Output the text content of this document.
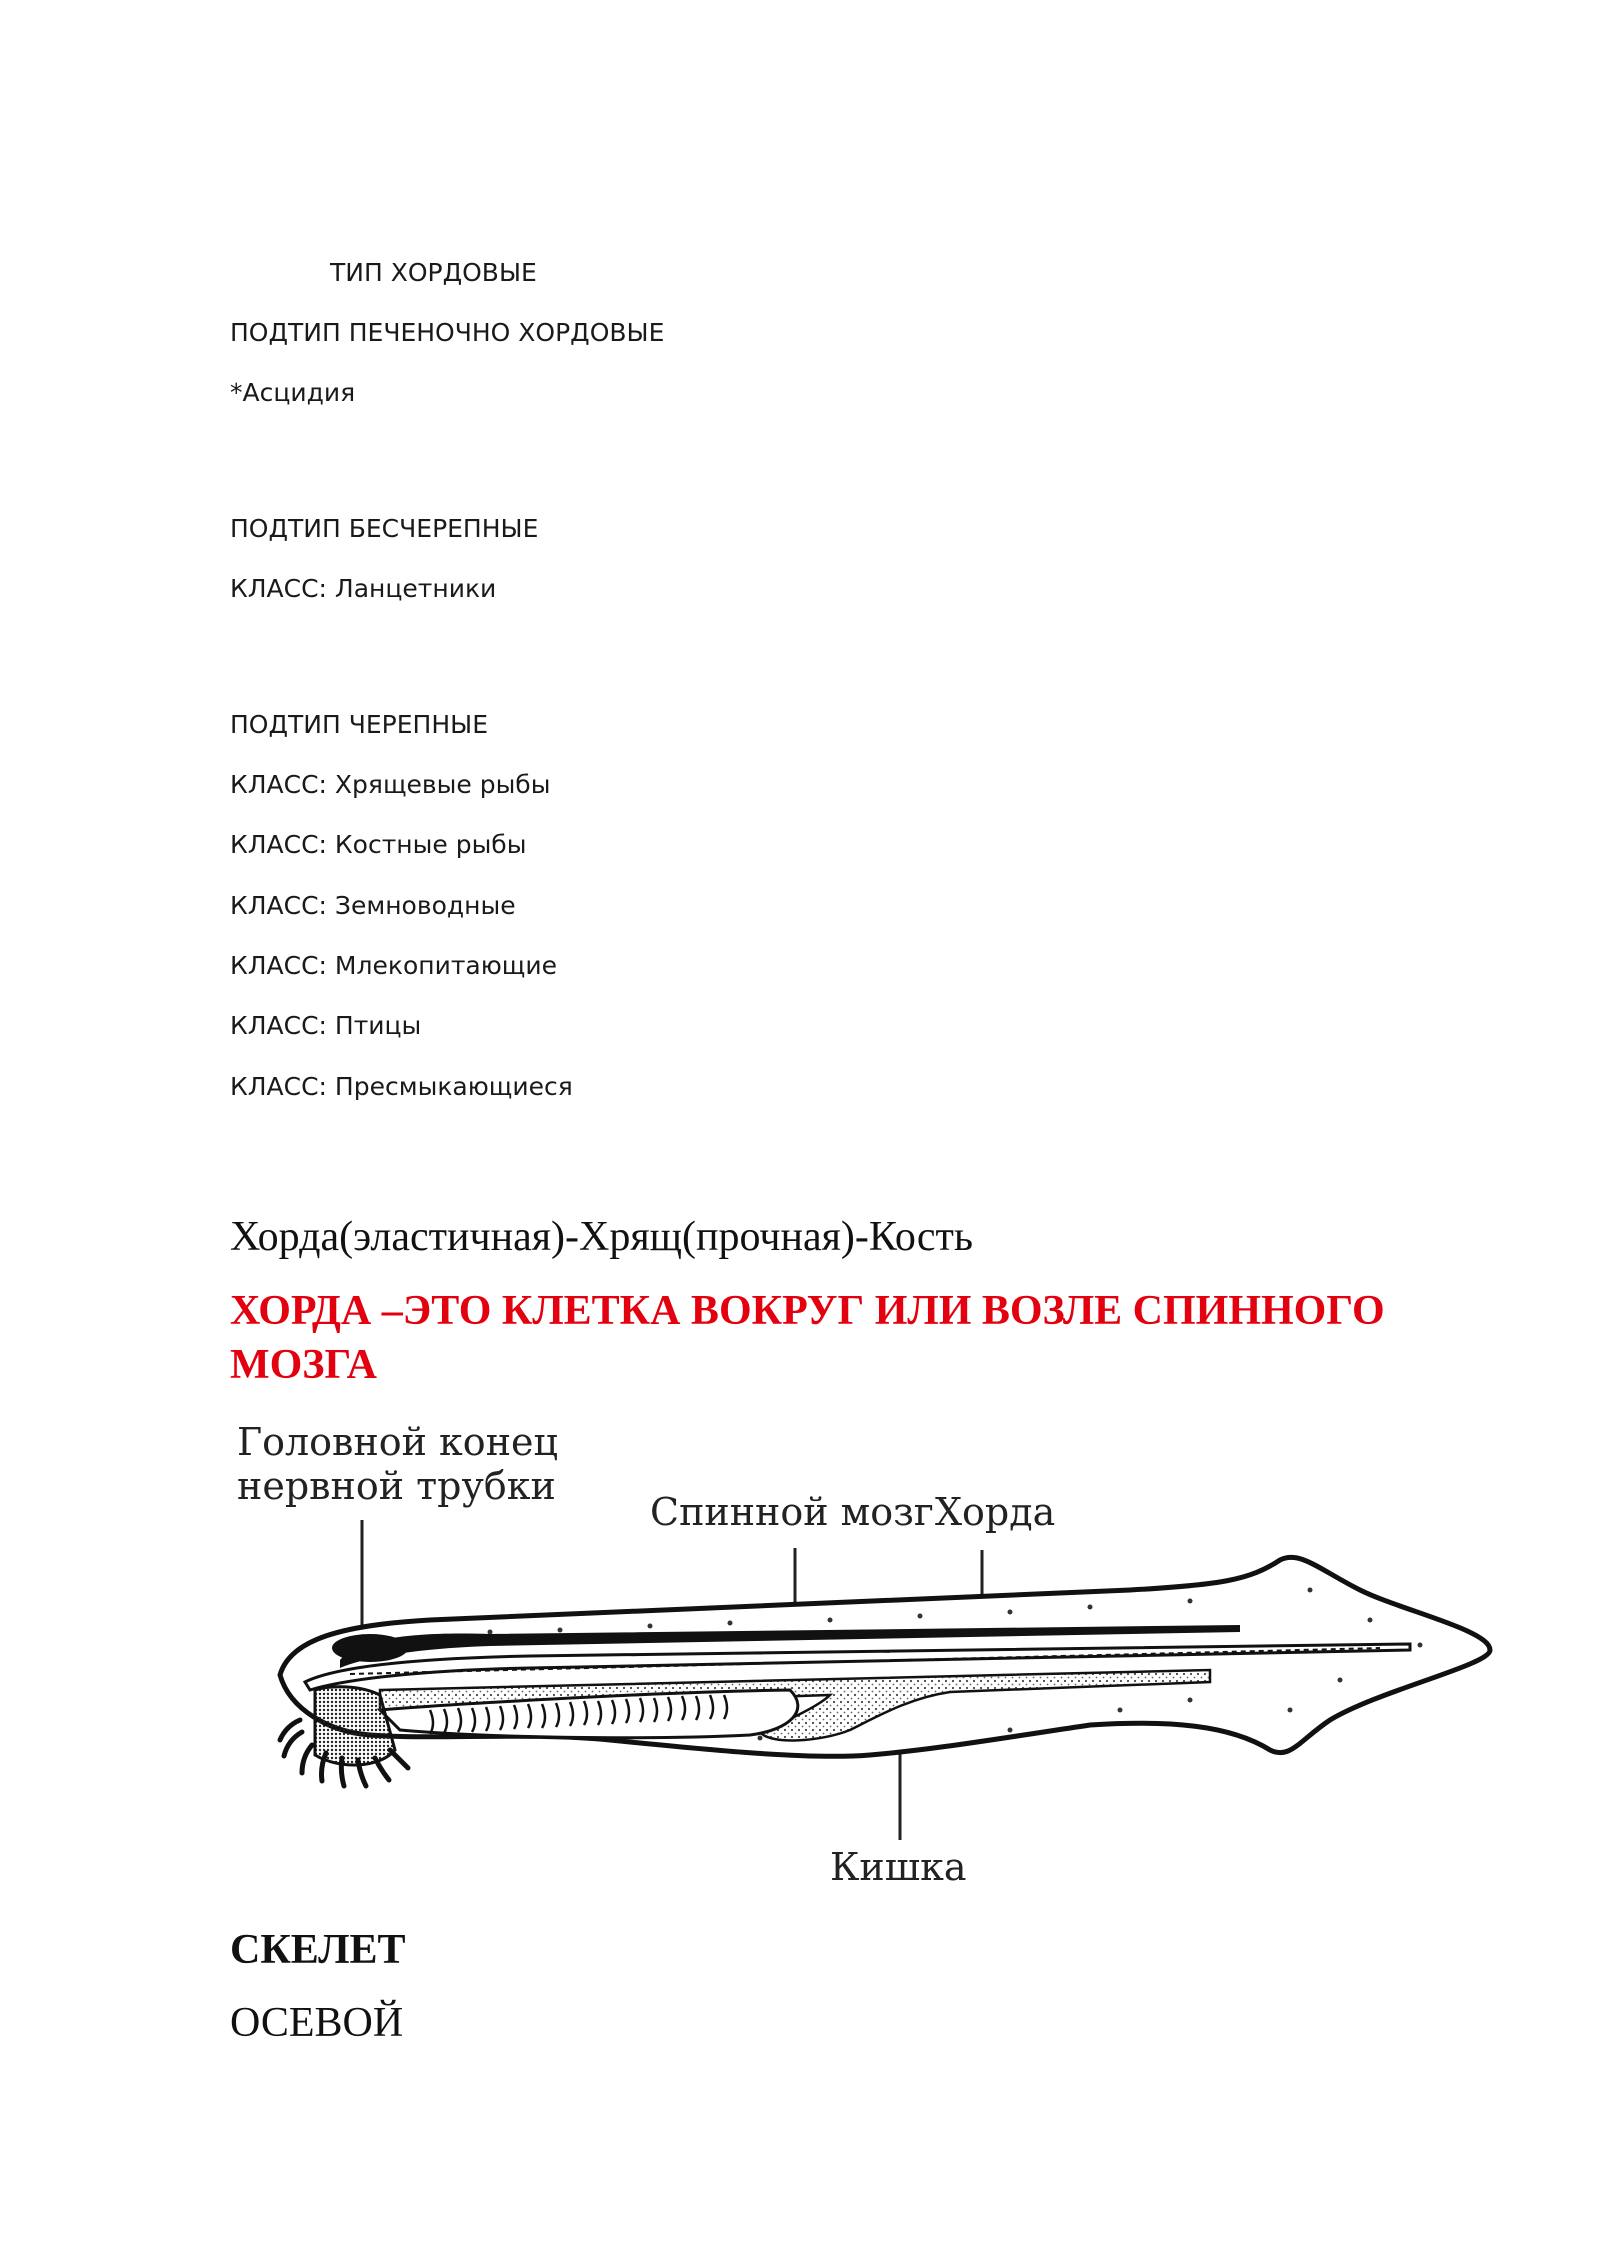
ТИП ХОРДОВЫЕ
ПОДТИП ПЕЧЕНОЧНО ХОРДОВЫЕ
*Асцидия
ПОДТИП БЕСЧЕРЕПНЫЕ
КЛАСС: Ланцетники
ПОДТИП ЧЕРЕПНЫЕ
КЛАСС: Хрящевые рыбы
КЛАСС: Костные рыбы
КЛАСС: Земноводные
КЛАСС: Млекопитающие
КЛАСС: Птицы
КЛАСС: Пресмыкающиеся
Хорда(эластичная)-Хрящ(прочная)-Кость
ХОРДА –ЭТО КЛЕТКА ВОКРУГ ИЛИ ВОЗЛЕ СПИННОГО МОЗГА
Головной конец
нервной трубки
Спинной мозг Хорда
Кишка
СКЕЛЕТ
ОСЕВОЙ
